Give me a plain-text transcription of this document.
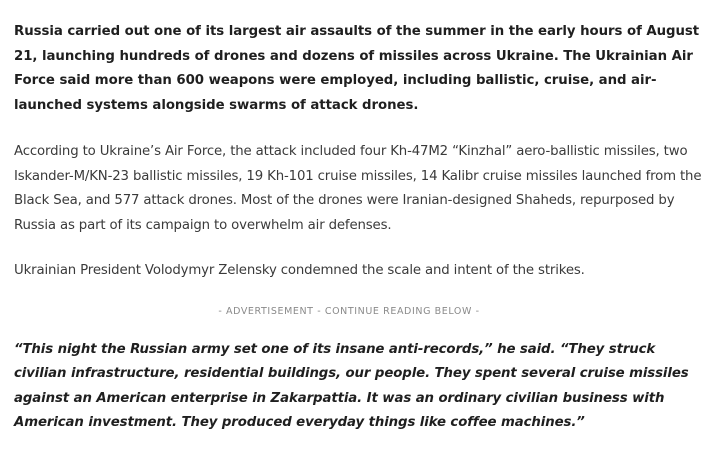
Russia carried out one of its largest air assaults of the summer in the early hours of August 21, launching hundreds of drones and dozens of missiles across Ukraine. The Ukrainian Air Force said more than 600 weapons were employed, including ballistic, cruise, and air-launched systems alongside swarms of attack drones.

According to Ukraine’s Air Force, the attack included four Kh-47M2 “Kinzhal” aero-ballistic missiles, two Iskander-M/KN-23 ballistic missiles, 19 Kh-101 cruise missiles, 14 Kalibr cruise missiles launched from the Black Sea, and 577 attack drones. Most of the drones were Iranian-designed Shaheds, repurposed by Russia as part of its campaign to overwhelm air defenses.

Ukrainian President Volodymyr Zelensky condemned the scale and intent of the strikes.

- ADVERTISEMENT - CONTINUE READING BELOW -

“This night the Russian army set one of its insane anti-records,” he said. “They struck civilian infrastructure, residential buildings, our people. They spent several cruise missiles against an American enterprise in Zakarpattia. It was an ordinary civilian business with American investment. They produced everyday things like coffee machines.”
